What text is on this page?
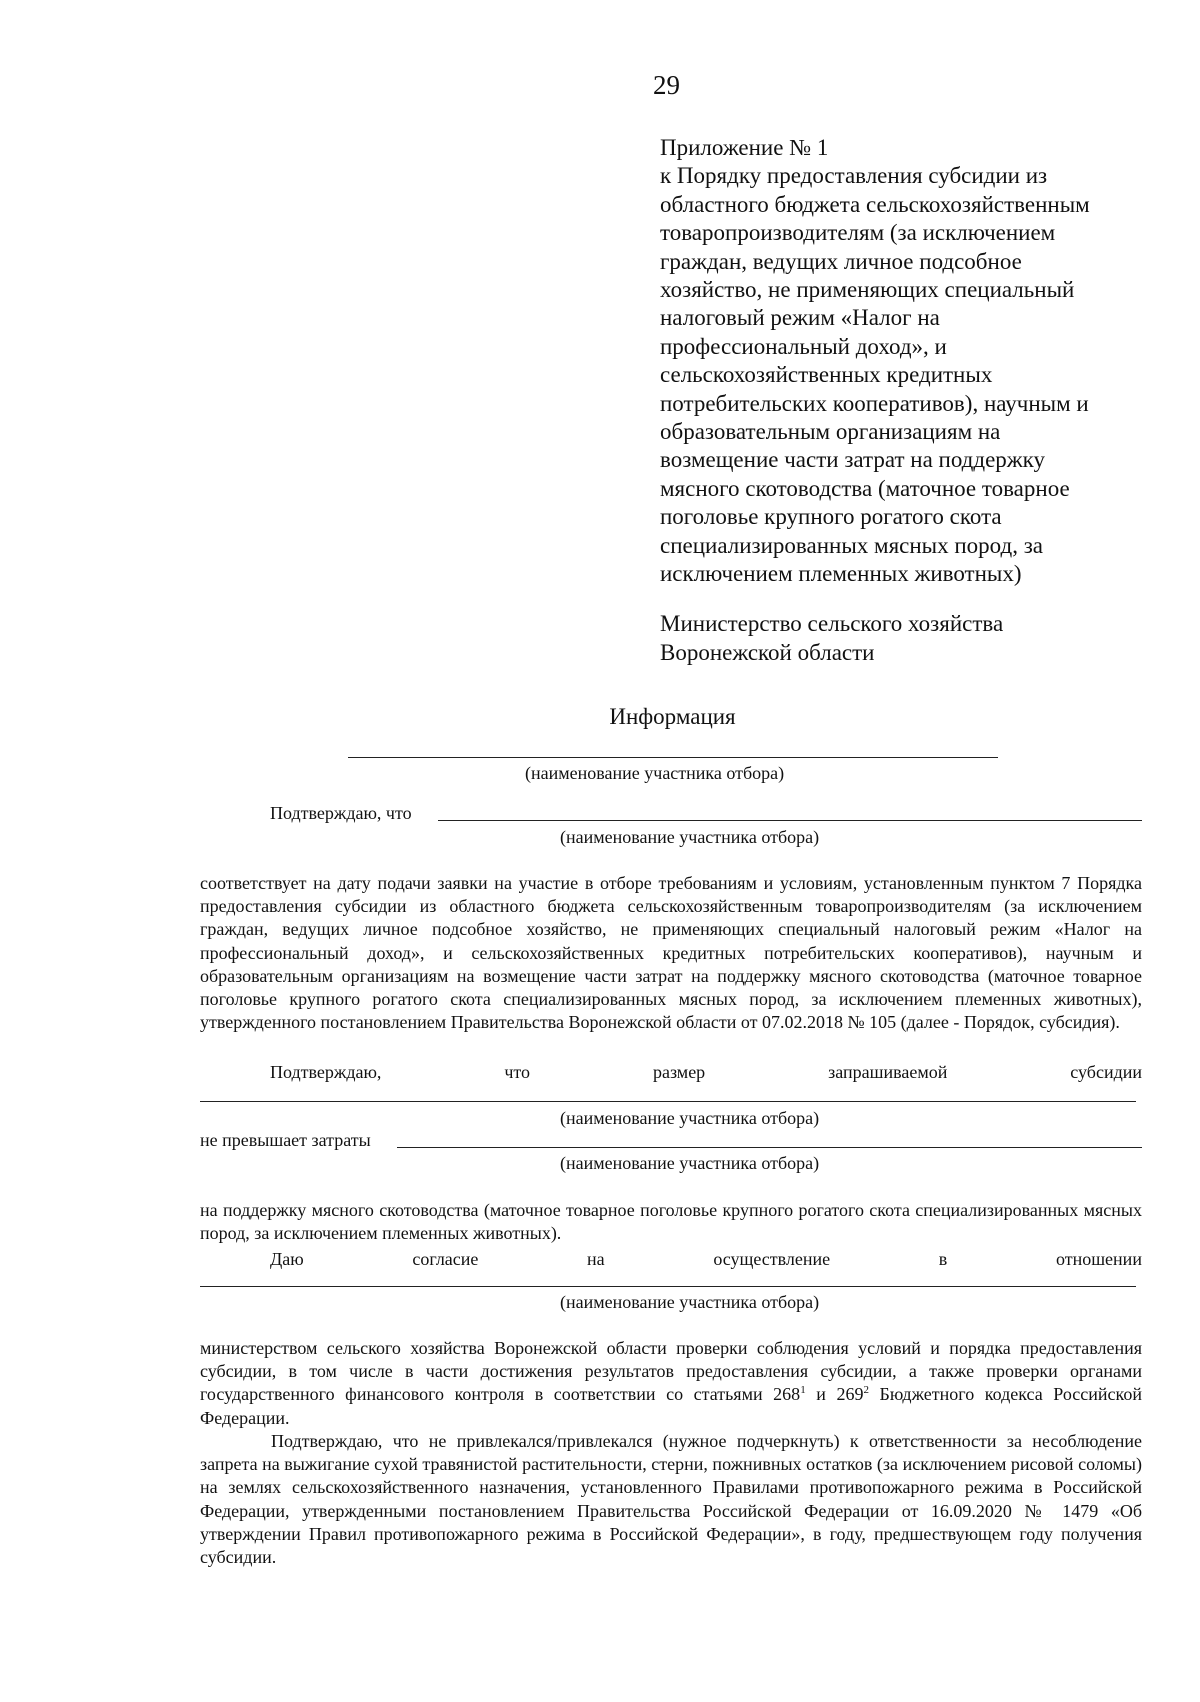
29

Приложение № 1

к Порядку предоставления субсидии из

областного бюджета сельскохозяйственным

товаропроизводителям (за исключением

граждан, ведущих личное подсобное

хозяйство, не применяющих специальный

налоговый режим «Налог на

профессиональный доход», и

сельскохозяйственных кредитных

потребительских кооперативов), научным и

образовательным организациям на

возмещение части затрат на поддержку

мясного скотоводства (маточное товарное

поголовье крупного рогатого скота

специализированных мясных пород, за

исключением племенных животных)

Министерство сельского хозяйства
Воронежской области
Информация
(наименование участника отбора)
Подтверждаю, что
(наименование участника отбора)

соответствует на дату подачи заявки на участие в отборе требованиям и условиям, установленным пунктом 7 Порядка предоставления субсидии из областного бюджета сельскохозяйственным товаропроизводителям (за исключением граждан, ведущих личное подсобное хозяйство, не применяющих специальный налоговый режим «Налог на профессиональный доход», и сельскохозяйственных кредитных потребительских кооперативов), научным и образовательным организациям на возмещение части затрат на поддержку мясного скотоводства (маточное товарное поголовье крупного рогатого скота специализированных мясных пород, за исключением племенных животных), утвержденного постановлением Правительства Воронежской области от 07.02.2018 № 105 (далее - Порядок, субсидия).

Подтверждаю,	что	размер	запрашиваемой	субсидии
(наименование участника отбора)
не превышает затраты
(наименование участника отбора)

на поддержку мясного скотоводства (маточное товарное поголовье крупного рогатого скота специализированных мясных пород, за исключением племенных животных).

Даю	согласие	на	осуществление	в	отношении
(наименование участника отбора)

министерством сельского хозяйства Воронежской области проверки соблюдения условий и порядка предоставления субсидии, в том числе в части достижения результатов предоставления субсидии, а также проверки органами государственного финансового контроля в соответствии со статьями $268^1$ и $269^2$ Бюджетного кодекса Российской Федерации.

Подтверждаю, что не привлекался/привлекался (нужное подчеркнуть) к ответственности за несоблюдение запрета на выжигание сухой травянистой растительности, стерни, пожнивных остатков (за исключением рисовой соломы) на землях сельскохозяйственного назначения, установленного Правилами противопожарного режима в Российской Федерации, утвержденными постановлением Правительства Российской Федерации от 16.09.2020 № 1479 «Об утверждении Правил противопожарного режима в Российской Федерации», в году, предшествующем году получения субсидии.
